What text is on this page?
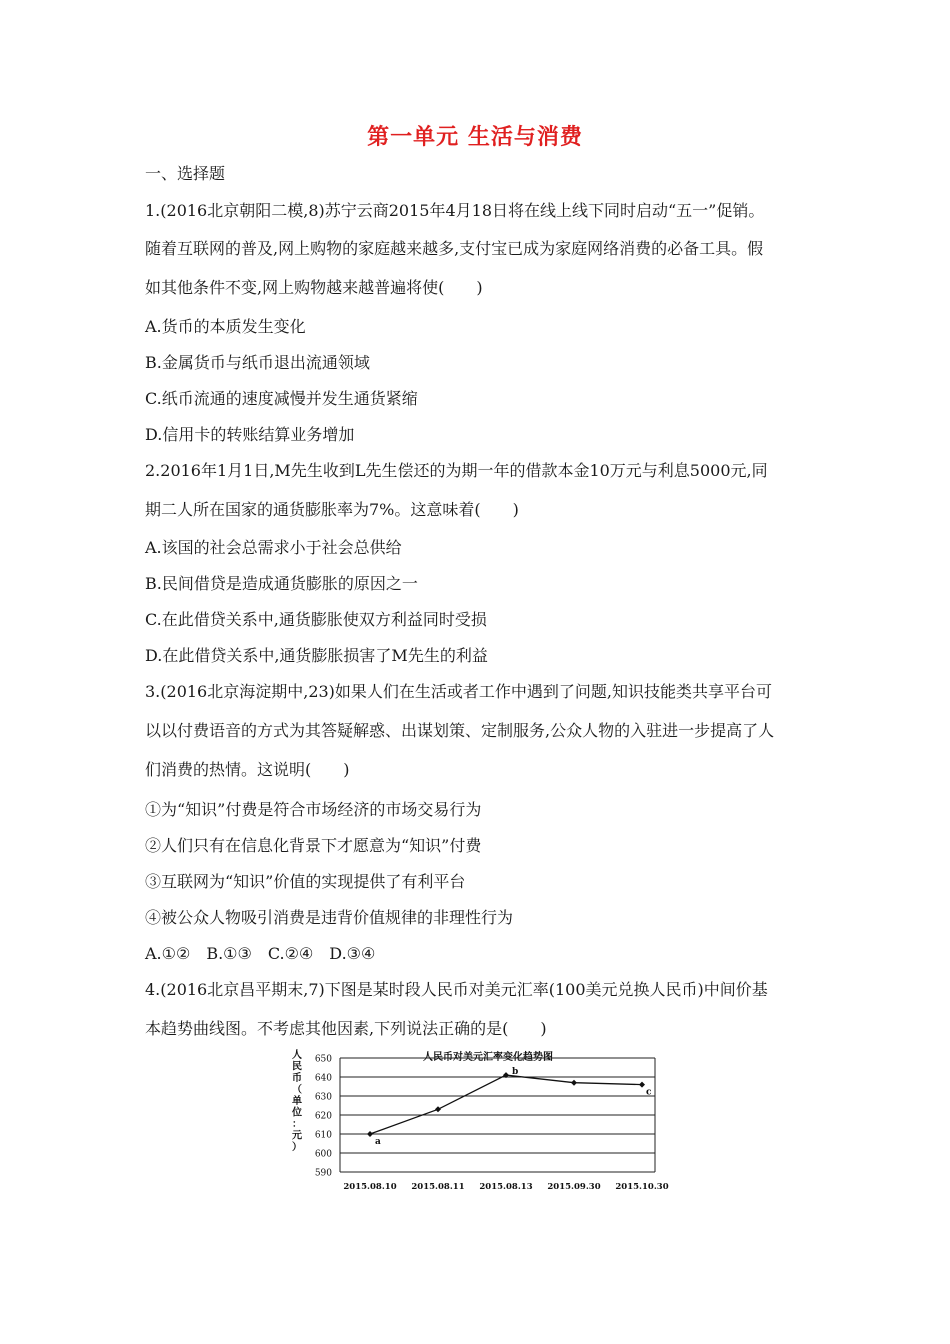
第一单元 生活与消费
一、选择题
1.(2016北京朝阳二模,8)苏宁云商2015年4月18日将在线上线下同时启动“五一”促销。
随着互联网的普及,网上购物的家庭越来越多,支付宝已成为家庭网络消费的必备工具。假
如其他条件不变,网上购物越来越普遍将使(　　)
A.货币的本质发生变化
B.金属货币与纸币退出流通领域
C.纸币流通的速度减慢并发生通货紧缩
D.信用卡的转账结算业务增加
2.2016年1月1日,M先生收到L先生偿还的为期一年的借款本金10万元与利息5000元,同
期二人所在国家的通货膨胀率为7%。这意味着(　　)
A.该国的社会总需求小于社会总供给
B.民间借贷是造成通货膨胀的原因之一
C.在此借贷关系中,通货膨胀使双方利益同时受损
D.在此借贷关系中,通货膨胀损害了M先生的利益
3.(2016北京海淀期中,23)如果人们在生活或者工作中遇到了问题,知识技能类共享平台可
以以付费语音的方式为其答疑解惑、出谋划策、定制服务,公众人物的入驻进一步提高了人
们消费的热情。这说明(　　)
①为“知识”付费是符合市场经济的市场交易行为
②人们只有在信息化背景下才愿意为“知识”付费
③互联网为“知识”价值的实现提供了有利平台
④被公众人物吸引消费是违背价值规律的非理性行为
A.①②　B.①③　C.②④　D.③④
4.(2016北京昌平期末,7)下图是某时段人民币对美元汇率(100美元兑换人民币)中间价基
本趋势曲线图。不考虑其他因素,下列说法正确的是(　　)
人民币对美元汇率变化趋势图
人民币（单位：元）
590
600
610
620
630
640
650
2015.08.10 2015.08.11 2015.08.13 2015.09.30 2015.10.30
a
b
c
